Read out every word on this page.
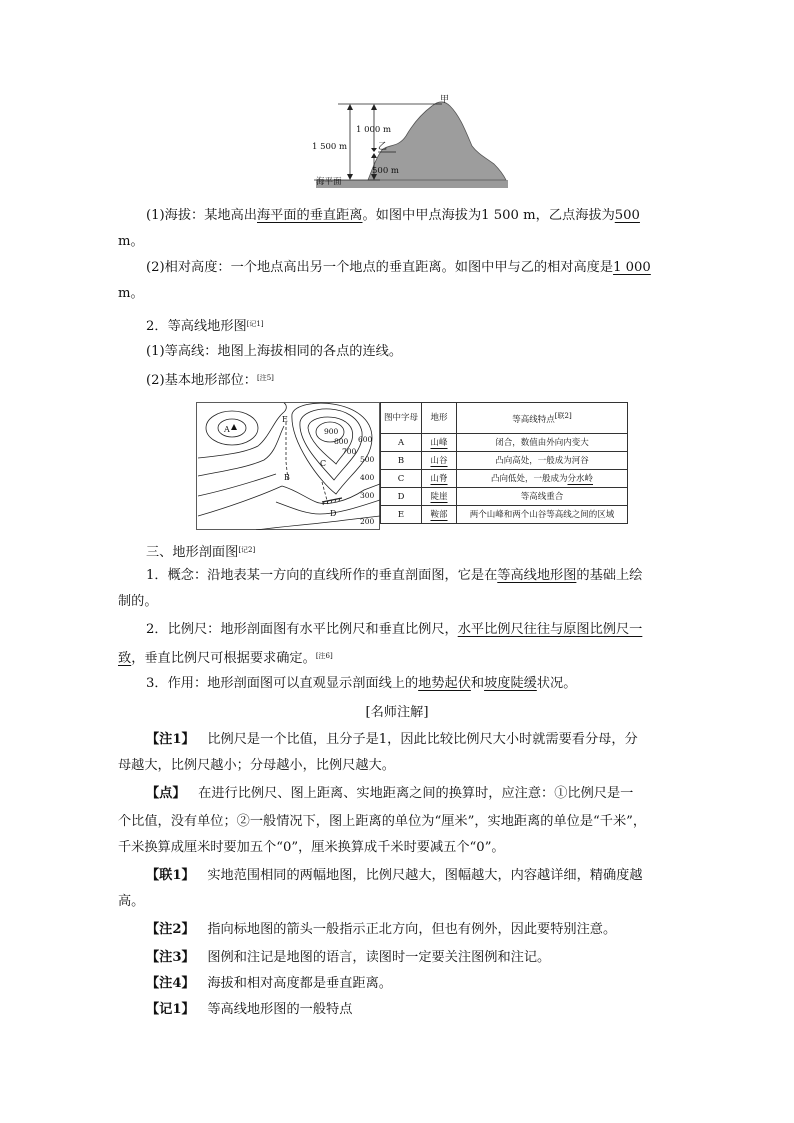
甲
乙
1 000 m
1 500 m
500 m
海平面
(1)海拔：某地高出海平面的垂直距离。如图中甲点海拔为1 500 m，乙点海拔为500
m。
(2)相对高度：一个地点高出另一个地点的垂直距离。如图中甲与乙的相对高度是1 000
m。
2．等高线地形图[记1]
(1)等高线：地图上海拔相同的各点的连线。
(2)基本地形部位：[注5]
A
E
B
C
D
900
800
700
600
500
400
300
200
图中字母	地形	等高线特点[联2]
A	山峰	闭合，数值由外向内变大
B	山谷	凸向高处，一般成为河谷
C	山脊	凸向低处，一般成为分水岭
D	陡崖	等高线重合
E	鞍部	两个山峰和两个山谷等高线之间的区域
三、地形剖面图[记2]
1．概念：沿地表某一方向的直线所作的垂直剖面图，它是在等高线地形图的基础上绘
制的。
2．比例尺：地形剖面图有水平比例尺和垂直比例尺，水平比例尺往往与原图比例尺一
致，垂直比例尺可根据要求确定。[注6]
3．作用：地形剖面图可以直观显示剖面线上的地势起伏和坡度陡缓状况。
[名师注解]
【注1】 比例尺是一个比值，且分子是1，因此比较比例尺大小时就需要看分母，分
母越大，比例尺越小；分母越小，比例尺越大。
【点】 在进行比例尺、图上距离、实地距离之间的换算时，应注意：①比例尺是一
个比值，没有单位；②一般情况下，图上距离的单位为“厘米”，实地距离的单位是“千米”，
千米换算成厘米时要加五个“0”，厘米换算成千米时要减五个“0”。
【联1】 实地范围相同的两幅地图，比例尺越大，图幅越大，内容越详细，精确度越
高。
【注2】 指向标地图的箭头一般指示正北方向，但也有例外，因此要特别注意。
【注3】 图例和注记是地图的语言，读图时一定要关注图例和注记。
【注4】 海拔和相对高度都是垂直距离。
【记1】 等高线地形图的一般特点
